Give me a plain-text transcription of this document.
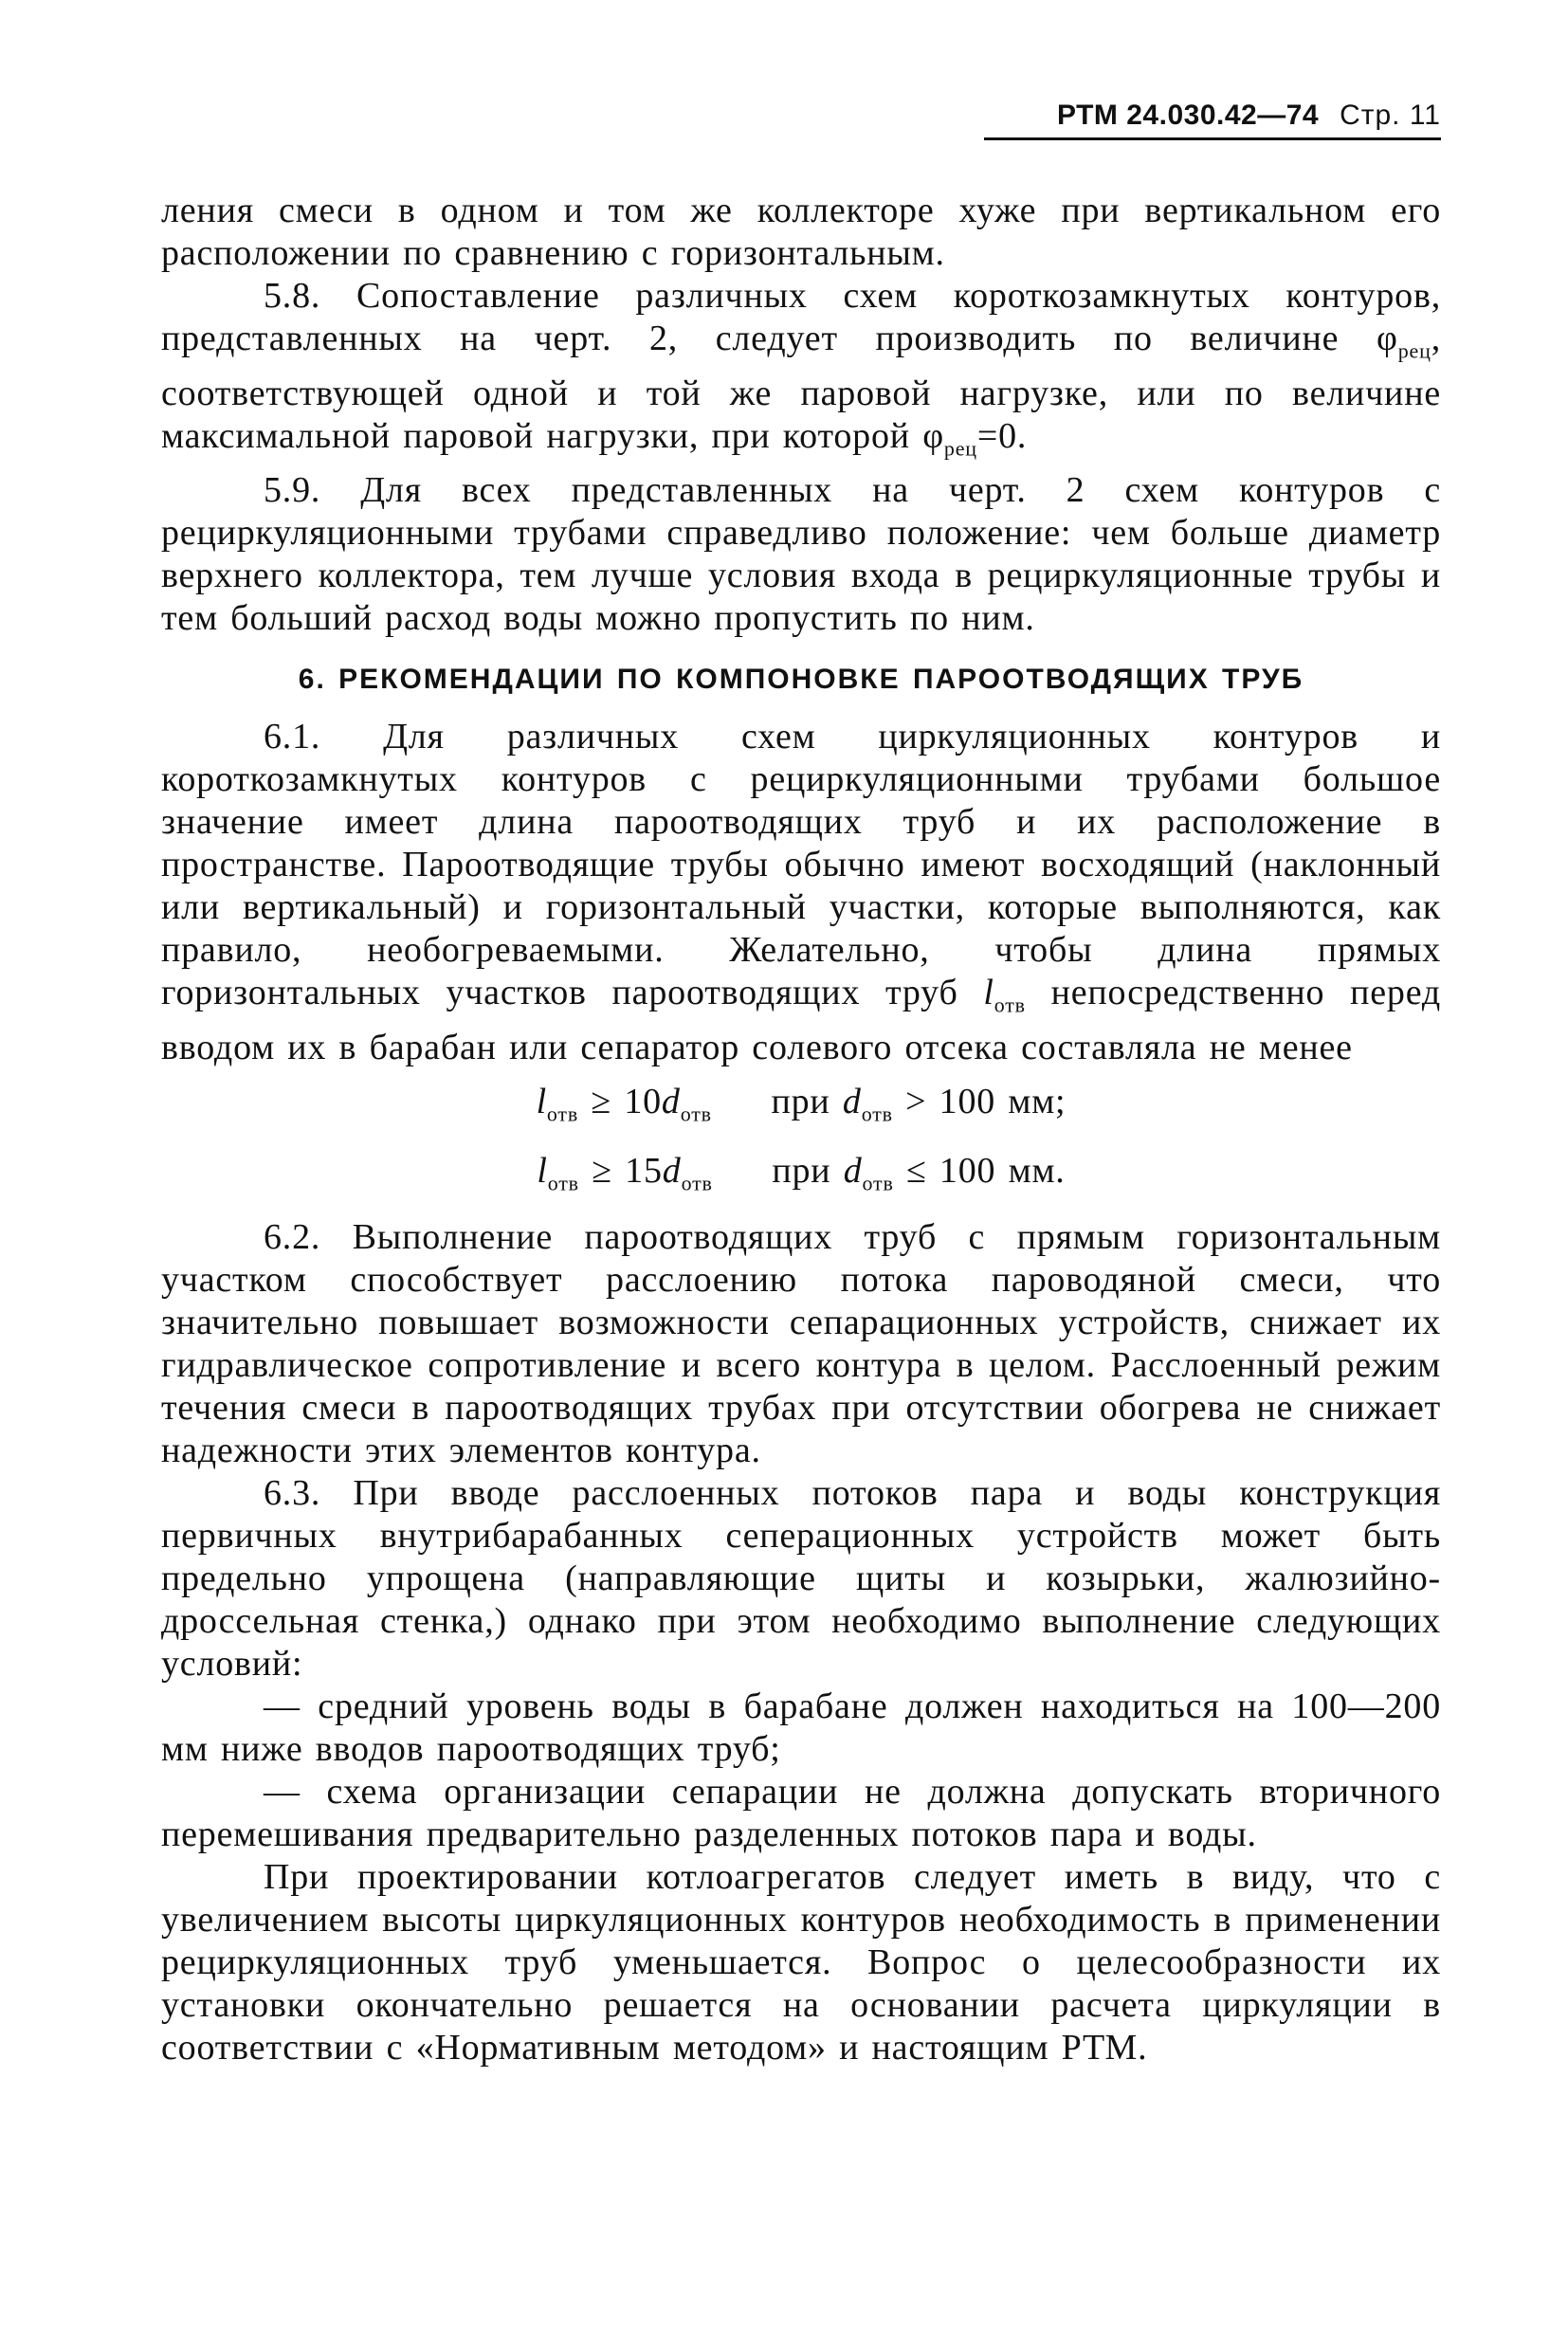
РТМ 24.030.42—74 Стр. 11

ления смеси в одном и том же коллекторе хуже при вертикальном его расположении по сравнению с горизонтальным.

5.8. Сопоставление различных схем короткозамкнутых контуров, представленных на черт. 2, следует производить по величине $\varphi_{рец}$, соответствующей одной и той же паровой нагрузке, или по величине максимальной паровой нагрузки, при которой $\varphi_{рец}=0$.

5.9. Для всех представленных на черт. 2 схем контуров с рециркуляционными трубами справедливо положение: чем больше диаметр верхнего коллектора, тем лучше условия входа в рециркуляционные трубы и тем больший расход воды можно пропустить по ним.

6. РЕКОМЕНДАЦИИ ПО КОМПОНОВКЕ ПАРООТВОДЯЩИХ ТРУБ

6.1. Для различных схем циркуляционных контуров и короткозамкнутых контуров с рециркуляционными трубами большое значение имеет длина пароотводящих труб и их расположение в пространстве. Пароотводящие трубы обычно имеют восходящий (наклонный или вертикальный) и горизонтальный участки, которые выполняются, как правило, необогреваемыми. Желательно, чтобы длина прямых горизонтальных участков пароотводящих труб $l_{отв}$ непосредственно перед вводом их в барабан или сепаратор солевого отсека составляла не менее

$l_{отв} \ge 10d_{отв}$ при $d_{отв} > 100$ мм;
$l_{отв} \ge 15d_{отв}$ при $d_{отв} \le 100$ мм.

6.2. Выполнение пароотводящих труб с прямым горизонтальным участком способствует расслоению потока пароводяной смеси, что значительно повышает возможности сепарационных устройств, снижает их гидравлическое сопротивление и всего контура в целом. Расслоенный режим течения смеси в пароотводящих трубах при отсутствии обогрева не снижает надежности этих элементов контура.

6.3. При вводе расслоенных потоков пара и воды конструкция первичных внутрибарабанных сеперационных устройств может быть предельно упрощена (направляющие щиты и козырьки, жалюзийно-дроссельная стенка,) однако при этом необходимо выполнение следующих условий:

— средний уровень воды в барабане должен находиться на 100—200 мм ниже вводов пароотводящих труб;

— схема организации сепарации не должна допускать вторичного перемешивания предварительно разделенных потоков пара и воды.

При проектировании котлоагрегатов следует иметь в виду, что с увеличением высоты циркуляционных контуров необходимость в применении рециркуляционных труб уменьшается. Вопрос о целесообразности их установки окончательно решается на основании расчета циркуляции в соответствии с «Нормативным методом» и настоящим РТМ.
